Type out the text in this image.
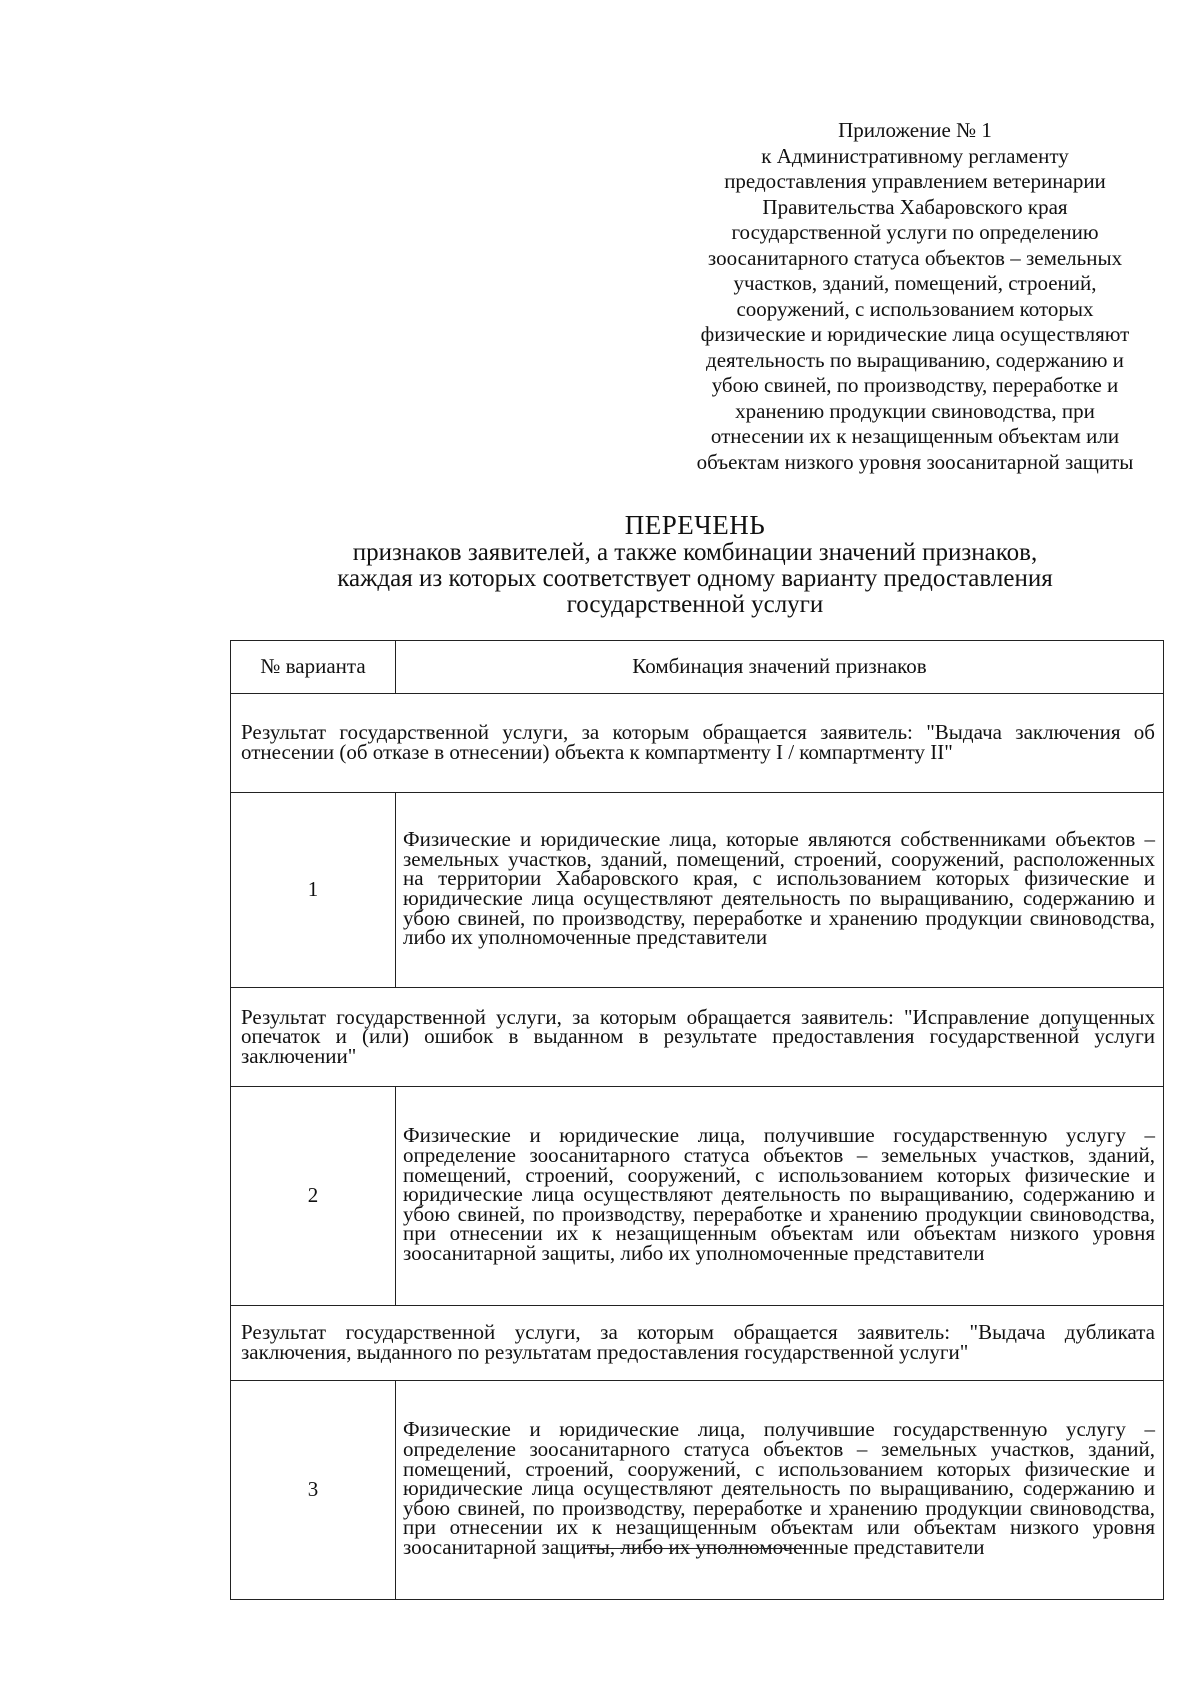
Приложение № 1
к Административному регламенту
предоставления управлением ветеринарии
Правительства Хабаровского края
государственной услуги по определению
зоосанитарного статуса объектов – земельных
участков, зданий, помещений, строений,
сооружений, с использованием которых
физические и юридические лица осуществляют
деятельность по выращиванию, содержанию и
убою свиней, по производству, переработке и
хранению продукции свиноводства, при
отнесении их к незащищенным объектам или
объектам низкого уровня зоосанитарной защиты
ПЕРЕЧЕНЬ
признаков заявителей, а также комбинации значений признаков,
каждая из которых соответствует одному варианту предоставления
государственной услуги
№ варианта	Комбинация значений признаков
Результат государственной услуги, за которым обращается заявитель: "Выдача заключения об отнесении (об отказе в отнесении) объекта к компартменту I / компартменту II"	
1	Физические и юридические лица, которые являются собственниками объектов – земельных участков, зданий, помещений, строений, сооружений, расположенных на территории Хабаровского края, с использованием которых физические и юридические лица осуществляют деятельность по выращиванию, содержанию и убою свиней, по производству, переработке и хранению продукции свиноводства, либо их уполномоченные представители
Результат государственной услуги, за которым обращается заявитель: "Исправление допущенных опечаток и (или) ошибок в выданном в результате предоставления государственной услуги заключении"	
2	Физические и юридические лица, получившие государственную услугу – определение зоосанитарного статуса объектов – земельных участков, зданий, помещений, строений, сооружений, с использованием которых физические и юридические лица осуществляют деятельность по выращиванию, содержанию и убою свиней, по производству, переработке и хранению продукции свиноводства, при отнесении их к незащищенным объектам или объектам низкого уровня зоосанитарной защиты, либо их уполномоченные представители
Результат государственной услуги, за которым обращается заявитель: "Выдача дубликата заключения, выданного по результатам предоставления государственной услуги"	
3	Физические и юридические лица, получившие государственную услугу – определение зоосанитарного статуса объектов – земельных участков, зданий, помещений, строений, сооружений, с использованием которых физические и юридические лица осуществляют деятельность по выращиванию, содержанию и убою свиней, по производству, переработке и хранению продукции свиноводства, при отнесении их к незащищенным объектам или объектам низкого уровня зоосанитарной защиты, либо их уполномоченные представители
